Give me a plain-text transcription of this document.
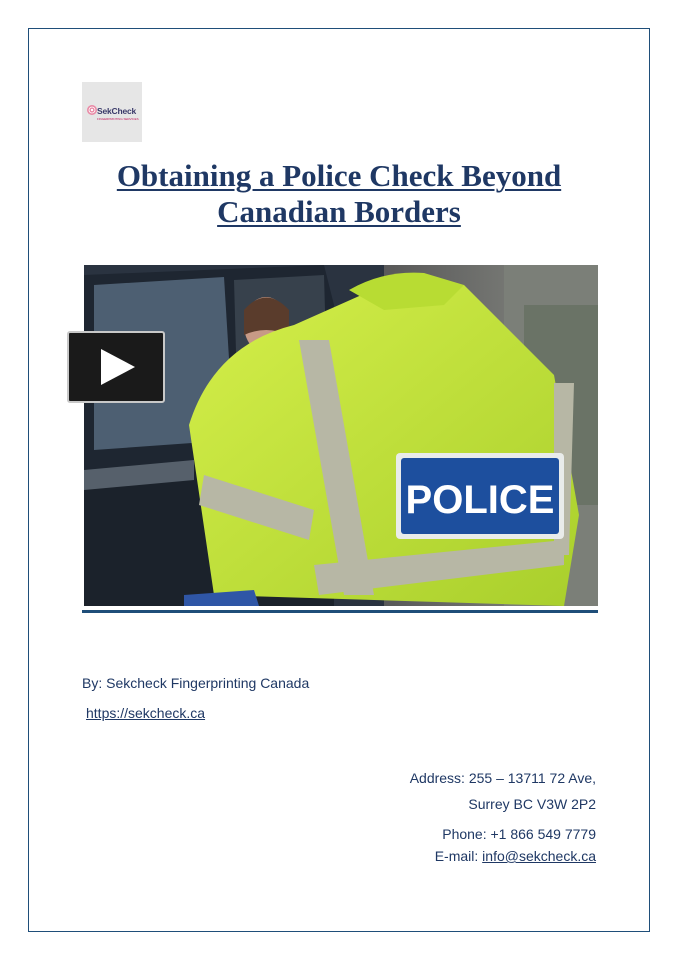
SekCheck
FINGERPRINTING SERVICES
Obtaining a Police Check Beyond
Canadian Borders
POLICE
By: Sekcheck Fingerprinting Canada
https://sekcheck.ca
Address: 255 – 13711 72 Ave,
Surrey BC V3W 2P2
Phone: +1 866 549 7779
E-mail: info@sekcheck.ca
